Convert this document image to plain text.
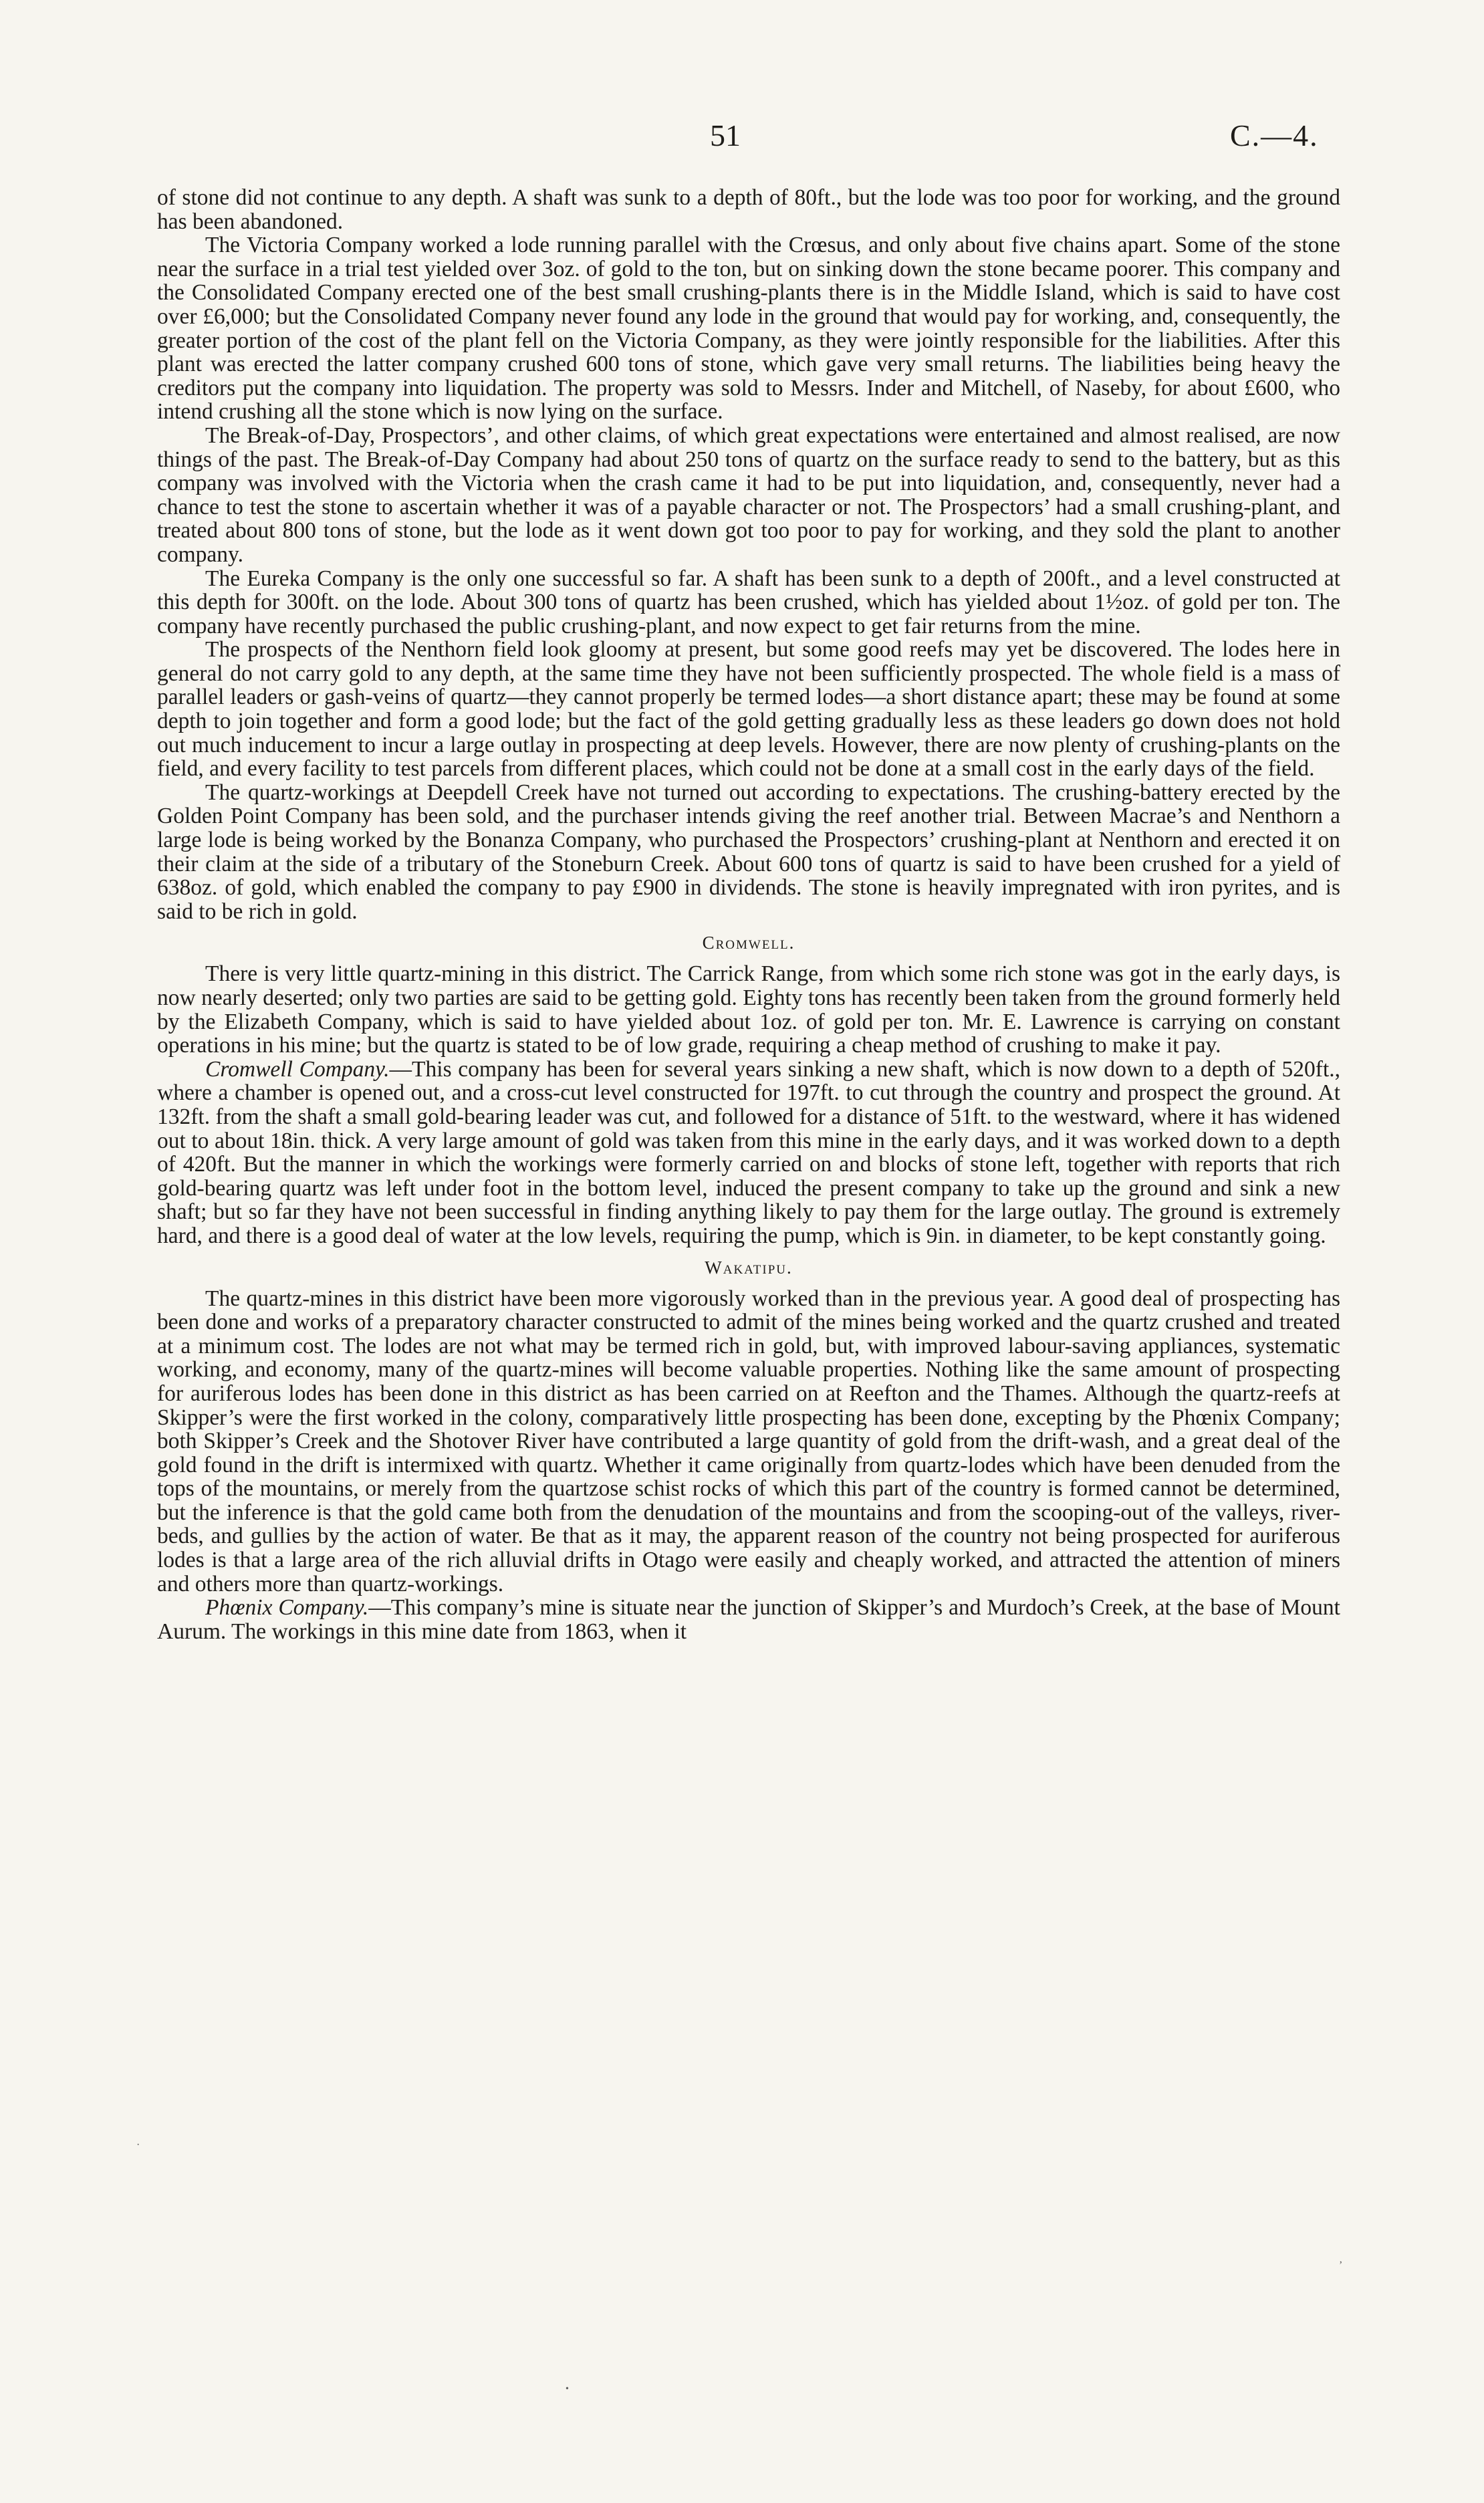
51	C.—4.

of stone did not continue to any depth. A shaft was sunk to a depth of 80ft., but the lode was too poor for working, and the ground has been abandoned.

The Victoria Company worked a lode running parallel with the Crœsus, and only about five chains apart. Some of the stone near the surface in a trial test yielded over 3oz. of gold to the ton, but on sinking down the stone became poorer. This company and the Consolidated Company erected one of the best small crushing-plants there is in the Middle Island, which is said to have cost over £6,000; but the Consolidated Company never found any lode in the ground that would pay for working, and, consequently, the greater portion of the cost of the plant fell on the Victoria Company, as they were jointly responsible for the liabilities. After this plant was erected the latter company crushed 600 tons of stone, which gave very small returns. The liabilities being heavy the creditors put the company into liquidation. The property was sold to Messrs. Inder and Mitchell, of Naseby, for about £600, who intend crushing all the stone which is now lying on the surface.

The Break-of-Day, Prospectors’, and other claims, of which great expectations were entertained and almost realised, are now things of the past. The Break-of-Day Company had about 250 tons of quartz on the surface ready to send to the battery, but as this company was involved with the Victoria when the crash came it had to be put into liquidation, and, consequently, never had a chance to test the stone to ascertain whether it was of a payable character or not. The Prospectors’ had a small crushing-plant, and treated about 800 tons of stone, but the lode as it went down got too poor to pay for working, and they sold the plant to another company.

The Eureka Company is the only one successful so far. A shaft has been sunk to a depth of 200ft., and a level constructed at this depth for 300ft. on the lode. About 300 tons of quartz has been crushed, which has yielded about 1½oz. of gold per ton. The company have recently purchased the public crushing-plant, and now expect to get fair returns from the mine.

The prospects of the Nenthorn field look gloomy at present, but some good reefs may yet be discovered. The lodes here in general do not carry gold to any depth, at the same time they have not been sufficiently prospected. The whole field is a mass of parallel leaders or gash-veins of quartz—they cannot properly be termed lodes—a short distance apart; these may be found at some depth to join together and form a good lode; but the fact of the gold getting gradually less as these leaders go down does not hold out much inducement to incur a large outlay in prospecting at deep levels. However, there are now plenty of crushing-plants on the field, and every facility to test parcels from different places, which could not be done at a small cost in the early days of the field.

The quartz-workings at Deepdell Creek have not turned out according to expectations. The crushing-battery erected by the Golden Point Company has been sold, and the purchaser intends giving the reef another trial. Between Macrae’s and Nenthorn a large lode is being worked by the Bonanza Company, who purchased the Prospectors’ crushing-plant at Nenthorn and erected it on their claim at the side of a tributary of the Stoneburn Creek. About 600 tons of quartz is said to have been crushed for a yield of 638oz. of gold, which enabled the company to pay £900 in dividends. The stone is heavily impregnated with iron pyrites, and is said to be rich in gold.

Cromwell.

There is very little quartz-mining in this district. The Carrick Range, from which some rich stone was got in the early days, is now nearly deserted; only two parties are said to be getting gold. Eighty tons has recently been taken from the ground formerly held by the Elizabeth Company, which is said to have yielded about 1oz. of gold per ton. Mr. E. Lawrence is carrying on constant operations in his mine; but the quartz is stated to be of low grade, requiring a cheap method of crushing to make it pay.

Cromwell Company.—This company has been for several years sinking a new shaft, which is now down to a depth of 520ft., where a chamber is opened out, and a cross-cut level constructed for 197ft. to cut through the country and prospect the ground. At 132ft. from the shaft a small gold-bearing leader was cut, and followed for a distance of 51ft. to the westward, where it has widened out to about 18in. thick. A very large amount of gold was taken from this mine in the early days, and it was worked down to a depth of 420ft. But the manner in which the workings were formerly carried on and blocks of stone left, together with reports that rich gold-bearing quartz was left under foot in the bottom level, induced the present company to take up the ground and sink a new shaft; but so far they have not been successful in finding anything likely to pay them for the large outlay. The ground is extremely hard, and there is a good deal of water at the low levels, requiring the pump, which is 9in. in diameter, to be kept constantly going.

Wakatipu.

The quartz-mines in this district have been more vigorously worked than in the previous year. A good deal of prospecting has been done and works of a preparatory character constructed to admit of the mines being worked and the quartz crushed and treated at a minimum cost. The lodes are not what may be termed rich in gold, but, with improved labour-saving appliances, systematic working, and economy, many of the quartz-mines will become valuable properties. Nothing like the same amount of prospecting for auriferous lodes has been done in this district as has been carried on at Reefton and the Thames. Although the quartz-reefs at Skipper’s were the first worked in the colony, comparatively little prospecting has been done, excepting by the Phœnix Company; both Skipper’s Creek and the Shotover River have contributed a large quantity of gold from the drift-wash, and a great deal of the gold found in the drift is intermixed with quartz. Whether it came originally from quartz-lodes which have been denuded from the tops of the mountains, or merely from the quartzose schist rocks of which this part of the country is formed cannot be determined, but the inference is that the gold came both from the denudation of the mountains and from the scooping-out of the valleys, river-beds, and gullies by the action of water. Be that as it may, the apparent reason of the country not being prospected for auriferous lodes is that a large area of the rich alluvial drifts in Otago were easily and cheaply worked, and attracted the attention of miners and others more than quartz-workings.

Phœnix Company.—This company’s mine is situate near the junction of Skipper’s and Murdoch’s Creek, at the base of Mount Aurum. The workings in this mine date from 1863, when it

•
’
·
